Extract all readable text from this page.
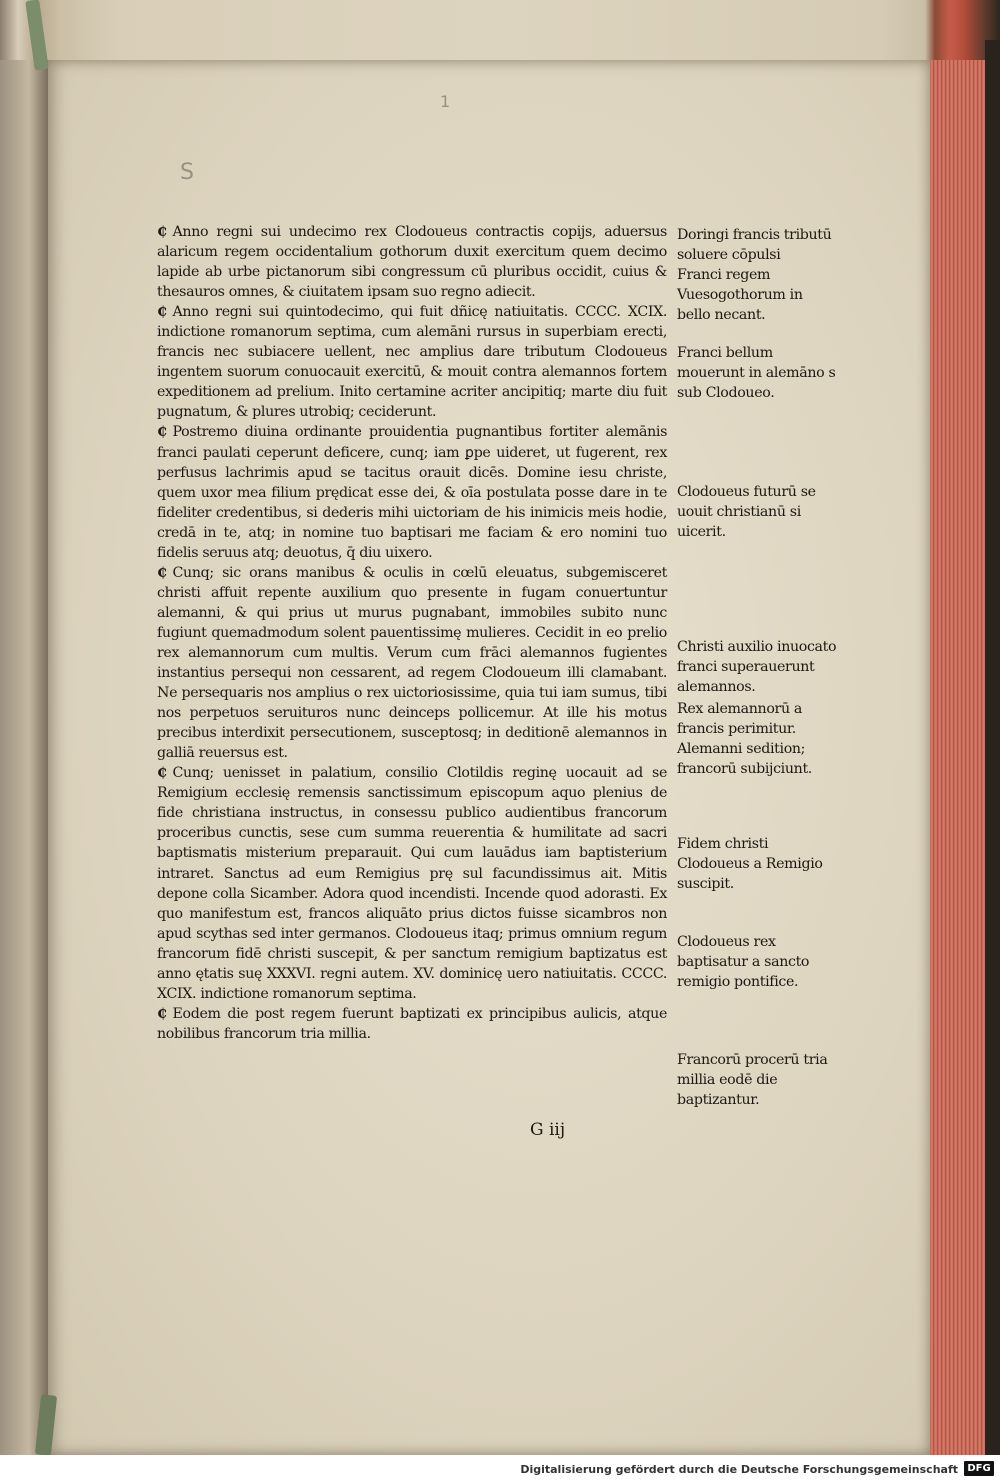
S
1

₵ Anno regni sui undecimo rex Clodoueus contractis copijs, aduersus alaricum regem occidentalium gothorum duxit exercitum quem decimo lapide ab urbe pictanorum sibi congressum cū pluribus occidit, cuius & thesauros omnes, & ciuitatem ipsam suo regno adiecit.

₵ Anno regni sui quintodecimo, qui fuit dñicę natiuitatis. CCCC. XCIX. indictione romanorum septima, cum alemāni rursus in superbiam erecti, francis nec subiacere uellent, nec amplius dare tributum Clodoueus ingentem suorum conuocauit exercitū, & mouit contra alemannos fortem expeditionem ad prelium. Inito certamine acriter ancipitiq; marte diu fuit pugnatum, & plures utrobiq; ceciderunt.

₵ Postremo diuina ordinante prouidentia pugnantibus fortiter alemānis franci paulati ceperunt deficere, cunq; iam ꝑpe uideret, ut fugerent, rex perfusus lachrimis apud se tacitus orauit dicēs. Domine iesu christe, quem uxor mea filium prędicat esse dei, & oīa postulata posse dare in te fideliter credentibus, si dederis mihi uictoriam de his inimicis meis hodie, credā in te, atq; in nomine tuo baptisari me faciam & ero nomini tuo fidelis seruus atq; deuotus, q̄ diu uixero.

₵ Cunq; sic orans manibus & oculis in cœlū eleuatus, subgemisceret christi affuit repente auxilium quo presente in fugam conuertuntur alemanni, & qui prius ut murus pugnabant, immobiles subito nunc fugiunt quemadmodum solent pauentissimę mulieres. Cecidit in eo prelio rex alemannorum cum multis. Verum cum frāci alemannos fugientes instantius persequi non cessarent, ad regem Clodoueum illi clamabant. Ne persequaris nos amplius o rex uictoriosissime, quia tui iam sumus, tibi nos perpetuos seruituros nunc deinceps pollicemur. At ille his motus precibus interdixit persecutionem, susceptosq; in deditionē alemannos in galliā reuersus est.

₵ Cunq; uenisset in palatium, consilio Clotildis reginę uocauit ad se Remigium ecclesię remensis sanctissimum episcopum aquo plenius de fide christiana instructus, in consessu publico audientibus francorum proceribus cunctis, sese cum summa reuerentia & humilitate ad sacri baptismatis misterium preparauit. Qui cum lauādus iam baptisterium intraret. Sanctus ad eum Remigius prę sul facundissimus ait. Mitis depone colla Sicamber. Adora quod incendisti. Incende quod adorasti. Ex quo manifestum est, francos aliquātо prius dictos fuisse sicambros non apud scythas sed inter germanos. Clodoueus itaq; primus omnium regum francorum fidē christi suscepit, & per sanctum remigium baptizatus est anno ętatis suę XXXVI. regni autem. XV. dominicę uero natiuitatis. CCCC. XCIX. indictione romanorum septima.

₵ Eodem die post regem fuerunt baptizati ex principibus aulicis, atque nobilibus francorum tria millia.

Doringi francis tributū soluere cōpulsi
Franci regem Vuesogothorum in bello necant.
Franci bellum mouerunt in alemāno s sub Clodoueo.
Clodoueus futurū se uouit christianū si uicerit.
Christi auxilio inuocato franci superauerunt alemannos.
Rex alemannorū a francis perimitur.
Alemanni sedition; francorū subijciunt.
Fidem christi Clodoueus a Remigio suscipit.
Clodoueus rex baptisatur a sancto remigio pontifice.
Francorū procerū tria millia eodē die baptizantur.
G iij
Digitalisierung gefördert durch die Deutsche Forschungsgemeinschaft DFG
